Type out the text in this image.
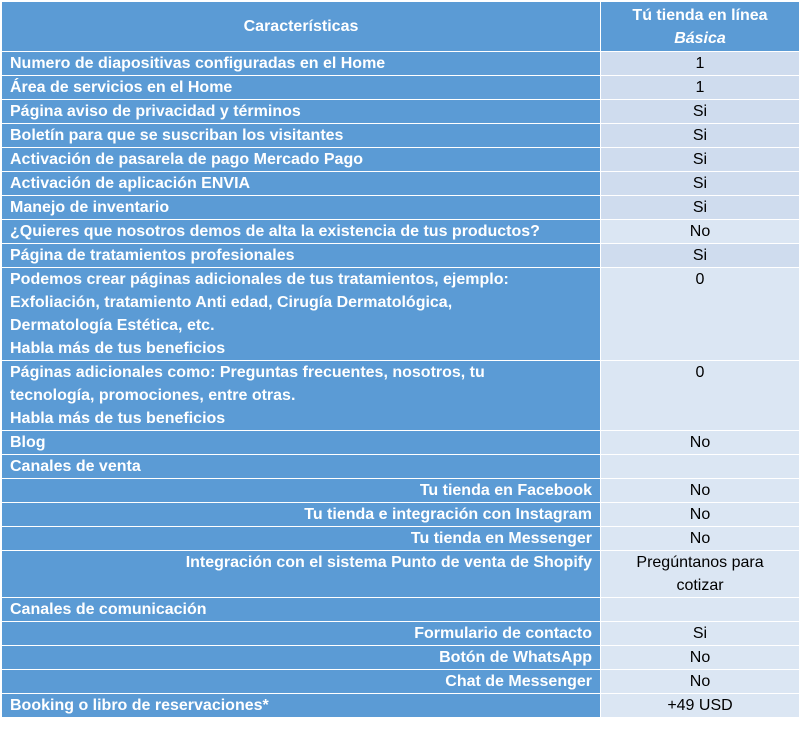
Características	Tú tienda en línea
Básica

Numero de diapositivas configuradas en el Home	1
Área de servicios en el Home	1
Página aviso de privacidad y términos	Si
Boletín para que se suscriban los visitantes	Si
Activación de pasarela de pago Mercado Pago	Si
Activación de aplicación ENVIA	Si
Manejo de inventario	Si
¿Quieres que nosotros demos de alta la existencia de tus productos?	No
Página de tratamientos profesionales	Si

Podemos crear páginas adicionales de tus tratamientos, ejemplo:
Exfoliación, tratamiento Anti edad, Cirugía Dermatológica,
Dermatología Estética, etc.
Habla más de tus beneficios	0

Páginas adicionales como: Preguntas frecuentes, nosotros, tu
tecnología, promociones, entre otras.
Habla más de tus beneficios	0
Blog	No
Canales de venta	
Tu tienda en Facebook	No
Tu tienda e integración con Instagram	No
Tu tienda en Messenger	No
Integración con el sistema Punto de venta de Shopify	Pregúntanos para
cotizar

Canales de comunicación	
Formulario de contacto	Si
Botón de WhatsApp	No
Chat de Messenger	No
Booking o libro de reservaciones*	+49 USD
